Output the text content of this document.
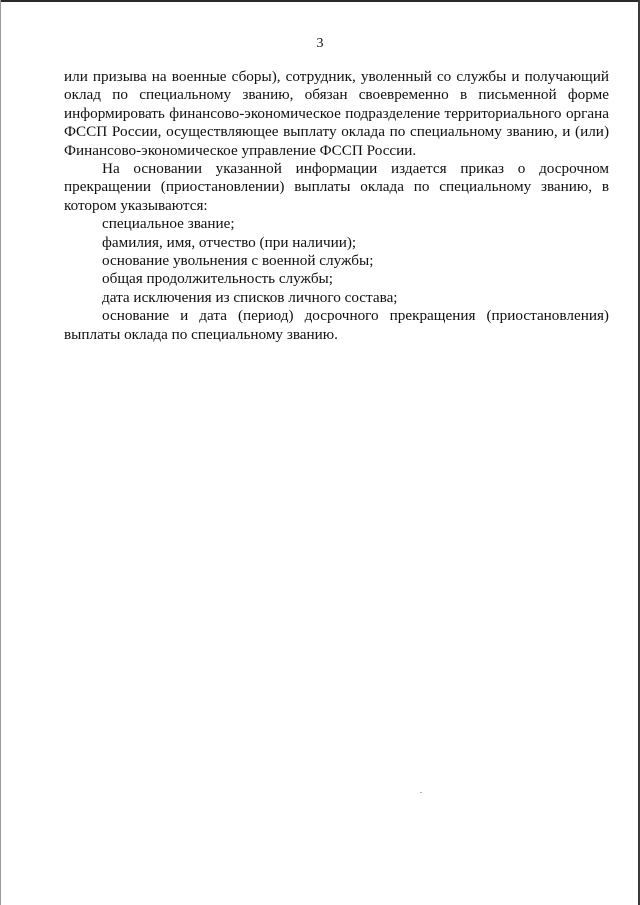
3

или призыва на военные сборы), сотрудник, уволенный со службы и получающий оклад по специальному званию, обязан своевременно в письменной форме информировать финансово-экономическое подразделение территориального органа ФССП России, осуществляющее выплату оклада по специальному званию, и (или) Финансово-экономическое управление ФССП России.

На основании указанной информации издается приказ о досрочном прекращении (приостановлении) выплаты оклада по специальному званию, в котором указываются:

специальное звание;

фамилия, имя, отчество (при наличии);

основание увольнения с военной службы;

общая продолжительность службы;

дата исключения из списков личного состава;

основание и дата (период) досрочного прекращения (приостановления) выплаты оклада по специальному званию.
